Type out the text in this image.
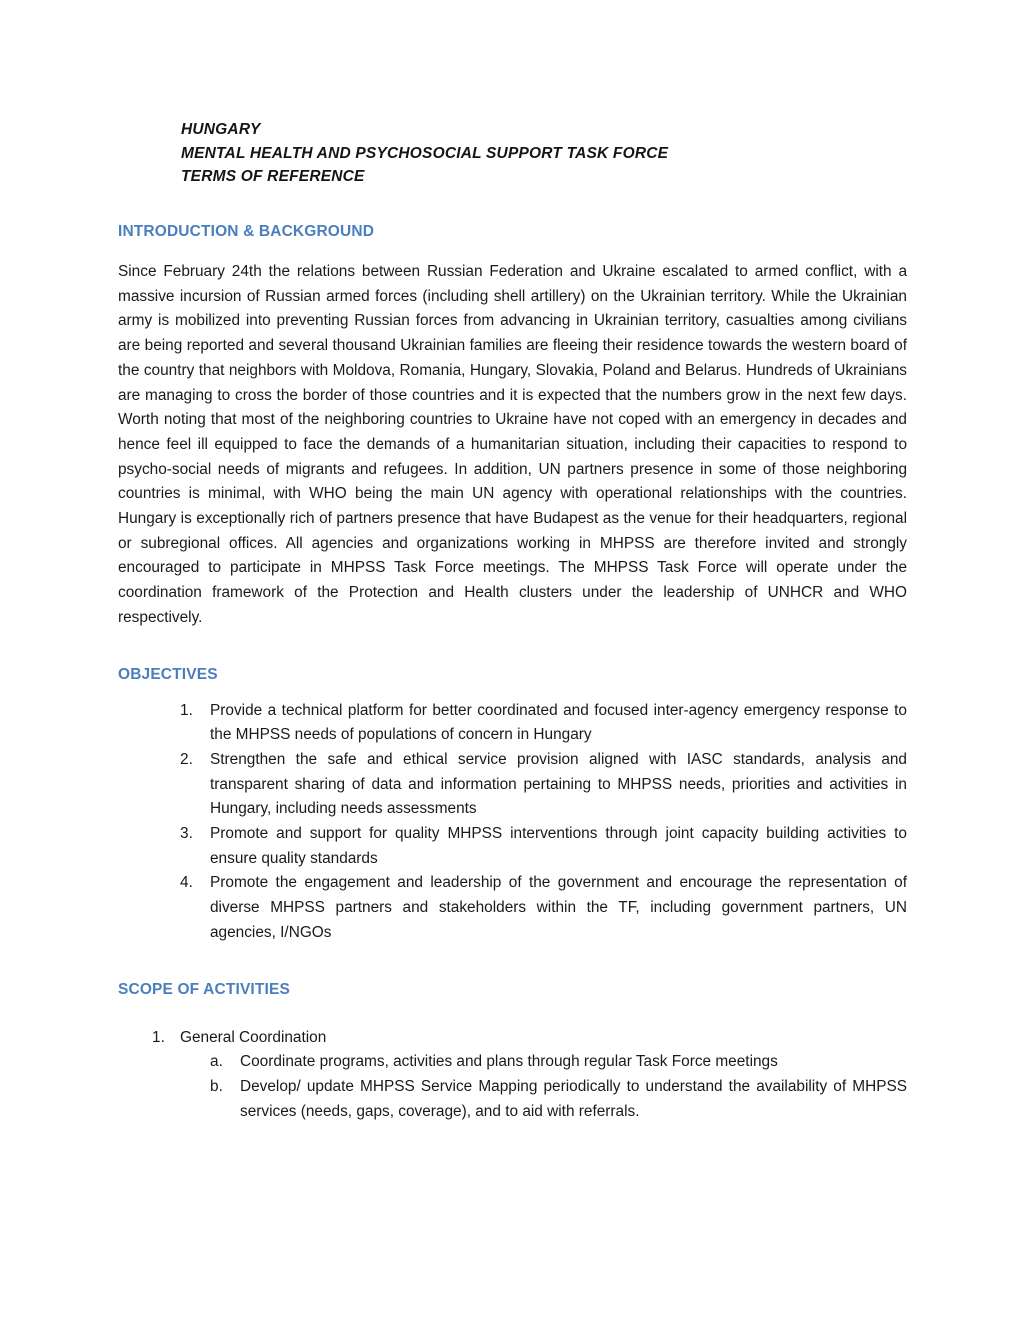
HUNGARY
MENTAL HEALTH AND PSYCHOSOCIAL SUPPORT TASK FORCE
TERMS OF REFERENCE
INTRODUCTION & BACKGROUND

Since February 24th the relations between Russian Federation and Ukraine escalated to armed conflict, with a massive incursion of Russian armed forces (including shell artillery) on the Ukrainian territory. While the Ukrainian army is mobilized into preventing Russian forces from advancing in Ukrainian territory, casualties among civilians are being reported and several thousand Ukrainian families are fleeing their residence towards the western board of the country that neighbors with Moldova, Romania, Hungary, Slovakia, Poland and Belarus. Hundreds of Ukrainians are managing to cross the border of those countries and it is expected that the numbers grow in the next few days. Worth noting that most of the neighboring countries to Ukraine have not coped with an emergency in decades and hence feel ill equipped to face the demands of a humanitarian situation, including their capacities to respond to psycho-social needs of migrants and refugees. In addition, UN partners presence in some of those neighboring countries is minimal, with WHO being the main UN agency with operational relationships with the countries. Hungary is exceptionally rich of partners presence that have Budapest as the venue for their headquarters, regional or subregional offices. All agencies and organizations working in MHPSS are therefore invited and strongly encouraged to participate in MHPSS Task Force meetings. The MHPSS Task Force will operate under the coordination framework of the Protection and Health clusters under the leadership of UNHCR and WHO respectively.

OBJECTIVES
Provide a technical platform for better coordinated and focused inter-agency emergency response to the MHPSS needs of populations of concern in Hungary
Strengthen the safe and ethical service provision aligned with IASC standards, analysis and transparent sharing of data and information pertaining to MHPSS needs, priorities and activities in Hungary, including needs assessments
Promote and support for quality MHPSS interventions through joint capacity building activities to ensure quality standards
Promote the engagement and leadership of the government and encourage the representation of diverse MHPSS partners and stakeholders within the TF, including government partners, UN agencies, I/NGOs
SCOPE OF ACTIVITIES
General Coordination
Coordinate programs, activities and plans through regular Task Force meetings
Develop/ update MHPSS Service Mapping periodically to understand the availability of MHPSS services (needs, gaps, coverage), and to aid with referrals.
